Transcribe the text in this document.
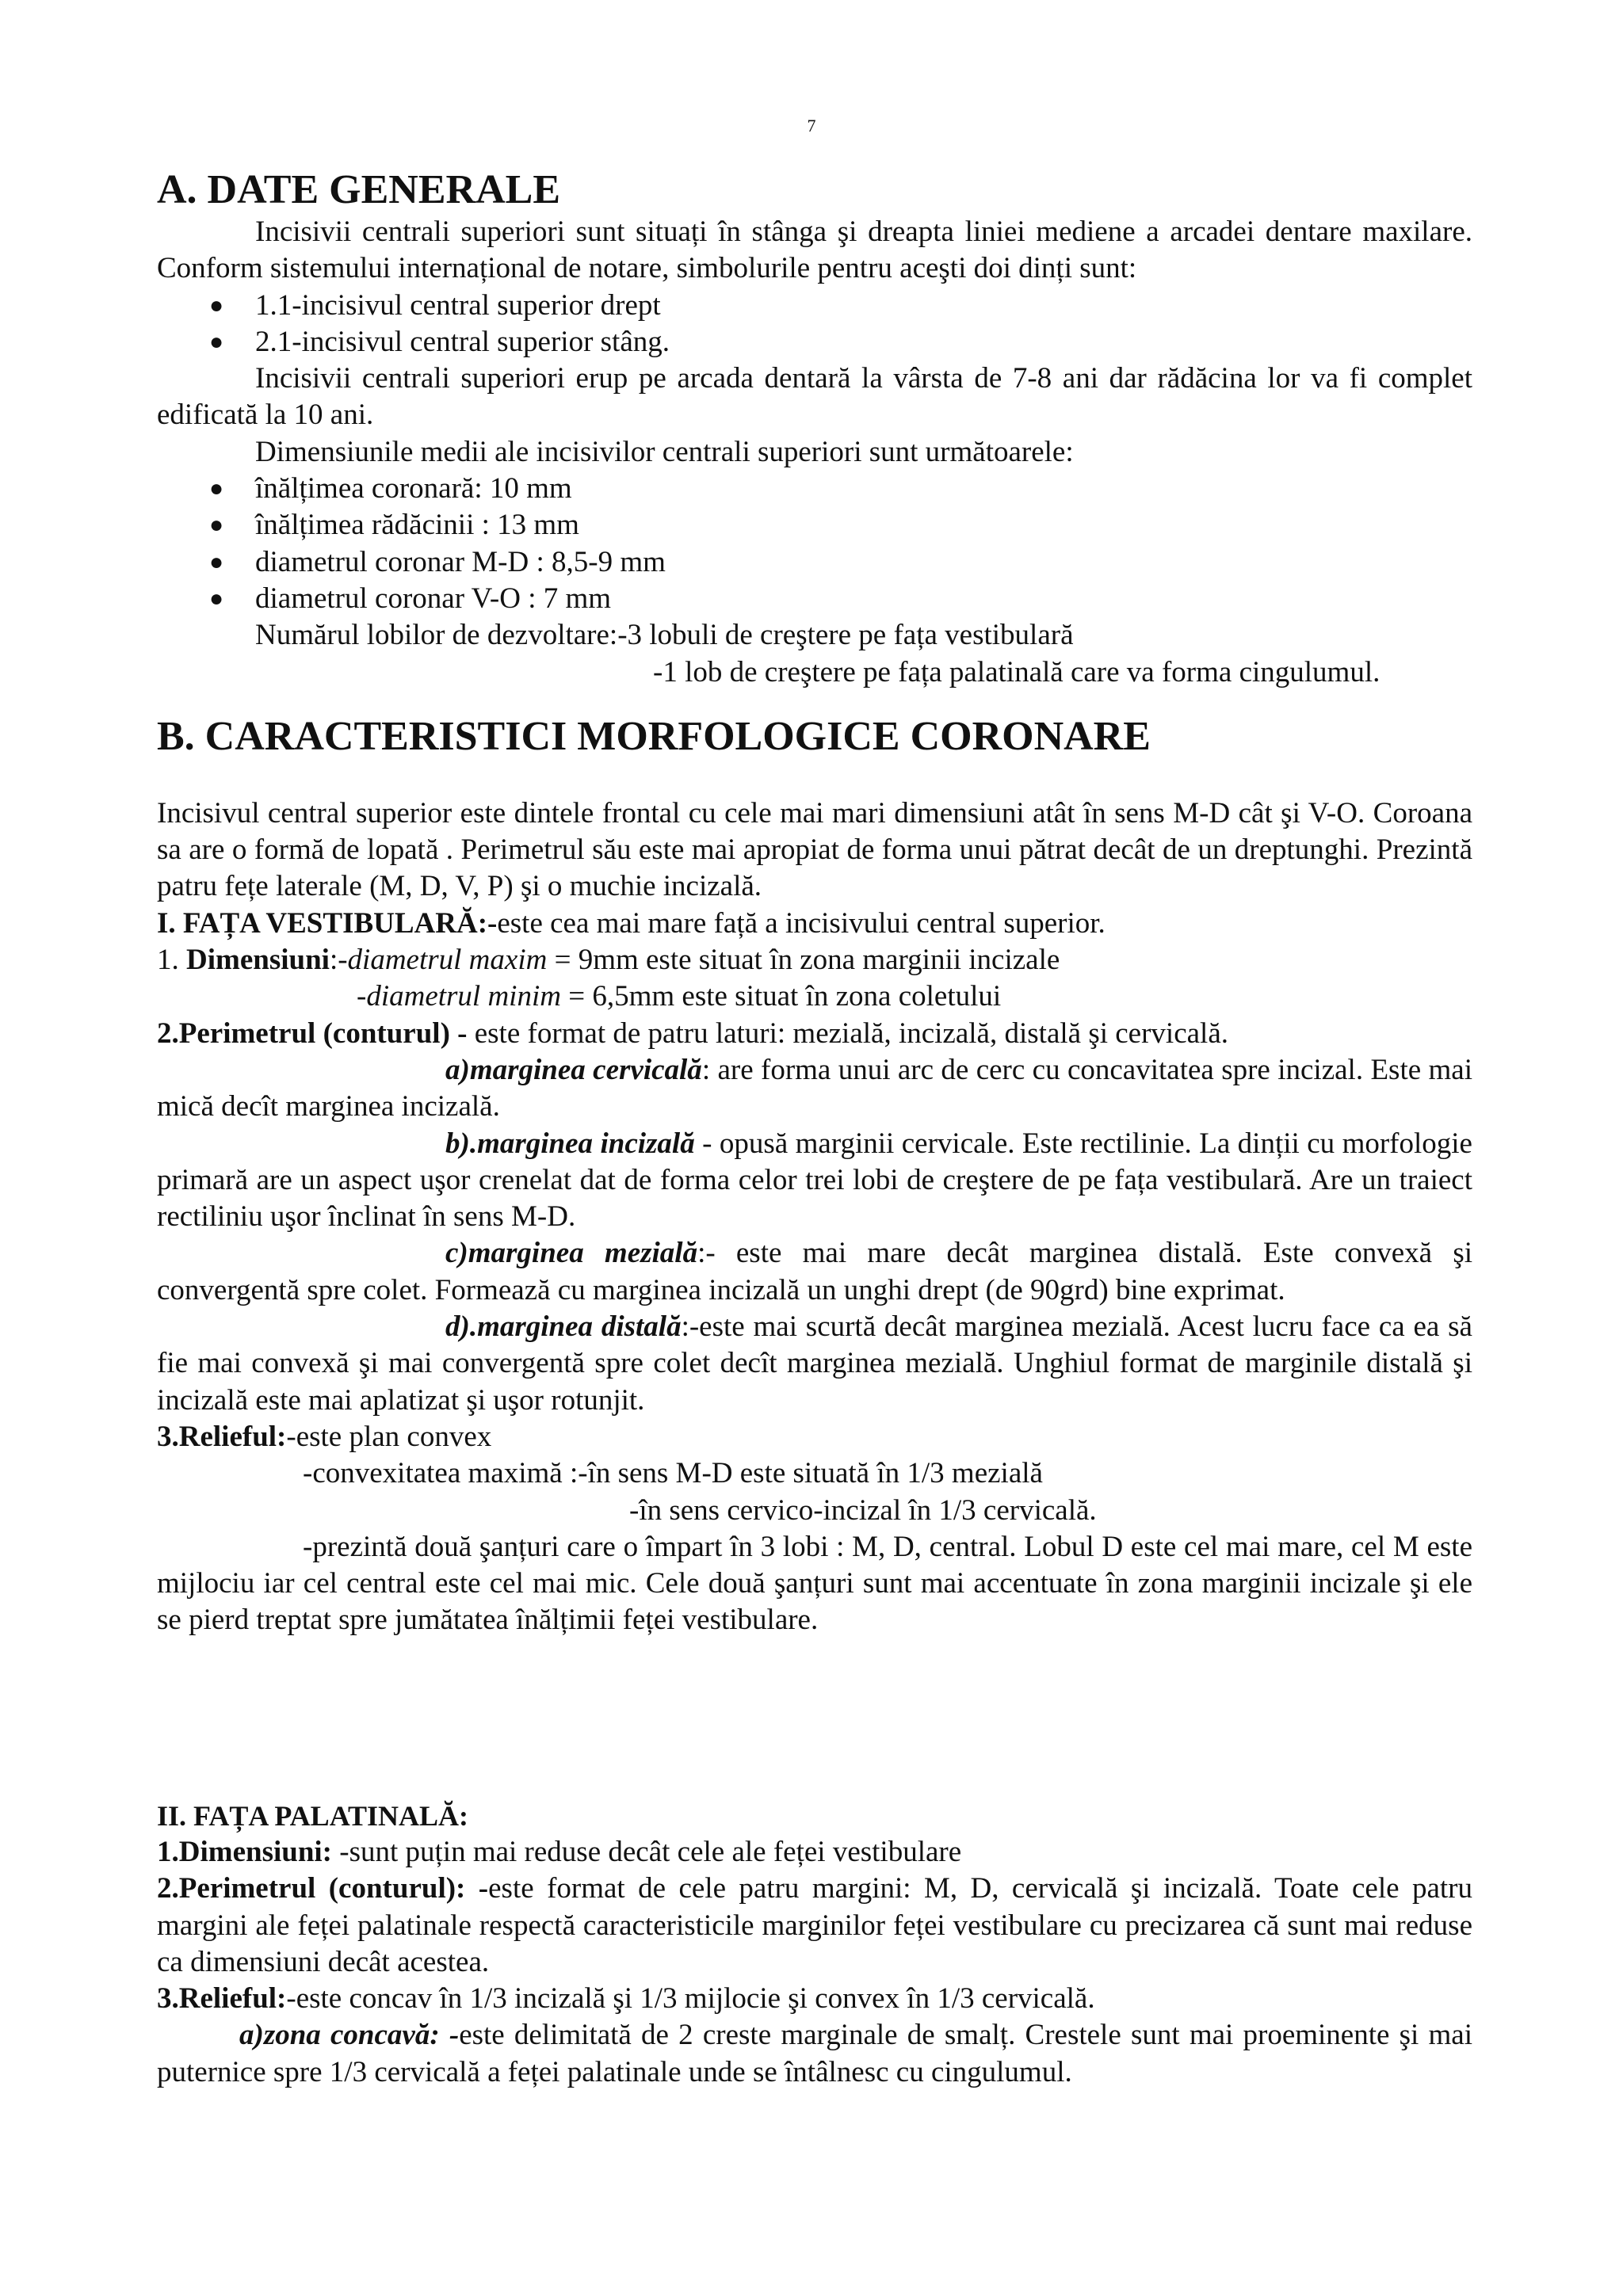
7
A. DATE GENERALE

Incisivii centrali superiori sunt situați în stânga şi dreapta liniei mediene a arcadei dentare maxilare. Conform sistemului internațional de notare, simbolurile pentru aceşti doi dinți sunt:

● 1.1-incisivul central superior drept
● 2.1-incisivul central superior stâng.

Incisivii centrali superiori erup pe arcada dentară la vârsta de 7-8 ani dar rădăcina lor va fi complet edificată la 10 ani.

Dimensiunile medii ale incisivilor centrali superiori sunt următoarele:

● înălțimea coronară: 10 mm
● înălțimea rădăcinii : 13 mm
● diametrul coronar M-D : 8,5-9 mm
● diametrul coronar V-O : 7 mm

Numărul lobilor de dezvoltare:-3 lobuli de creştere pe fața vestibulară

-1 lob de creştere pe fața palatinală care va forma cingulumul.

B. CARACTERISTICI MORFOLOGICE CORONARE

Incisivul central superior este dintele frontal cu cele mai mari dimensiuni atât în sens M-D cât şi V-O. Coroana sa are o formă de lopată . Perimetrul său este mai apropiat de forma unui pătrat decât de un dreptunghi. Prezintă patru fețe laterale (M, D, V, P) şi o muchie incizală.

I. FAȚA VESTIBULARĂ:-este cea mai mare față a incisivului central superior.

1. Dimensiuni:-diametrul maxim = 9mm este situat în zona marginii incizale

-diametrul minim = 6,5mm este situat în zona coletului

2.Perimetrul (conturul) - este format de patru laturi: mezială, incizală, distală şi cervicală.

a)marginea cervicală: are forma unui arc de cerc cu concavitatea spre incizal. Este mai mică decît marginea incizală.

b).marginea incizală - opusă marginii cervicale. Este rectilinie. La dinții cu morfologie primară are un aspect uşor crenelat dat de forma celor trei lobi de creştere de pe fața vestibulară. Are un traiect rectiliniu uşor înclinat în sens M-D.

c)marginea mezială:- este mai mare decât marginea distală. Este convexă şi convergentă spre colet. Formează cu marginea incizală un unghi drept (de 90grd) bine exprimat.

d).marginea distală:-este mai scurtă decât marginea mezială. Acest lucru face ca ea să fie mai convexă şi mai convergentă spre colet decît marginea mezială. Unghiul format de marginile distală şi incizală este mai aplatizat şi uşor rotunjit.

3.Relieful:-este plan convex

-convexitatea maximă :-în sens M-D este situată în 1/3 mezială

-în sens cervico-incizal în 1/3 cervicală.

-prezintă două şanțuri care o împart în 3 lobi : M, D, central. Lobul D este cel mai mare, cel M este mijlociu iar cel central este cel mai mic. Cele două şanțuri sunt mai accentuate în zona marginii incizale şi ele se pierd treptat spre jumătatea înălțimii feței vestibulare.

II. FAȚA PALATINALĂ:

1.Dimensiuni: -sunt puțin mai reduse decât cele ale feței vestibulare

2.Perimetrul (conturul): -este format de cele patru margini: M, D, cervicală şi incizală. Toate cele patru margini ale feței palatinale respectă caracteristicile marginilor feței vestibulare cu precizarea că sunt mai reduse ca dimensiuni decât acestea.

3.Relieful:-este concav în 1/3 incizală şi 1/3 mijlocie şi convex în 1/3 cervicală.

a)zona concavă: -este delimitată de 2 creste marginale de smalț. Crestele sunt mai proeminente şi mai puternice spre 1/3 cervicală a feței palatinale unde se întâlnesc cu cingulumul.
